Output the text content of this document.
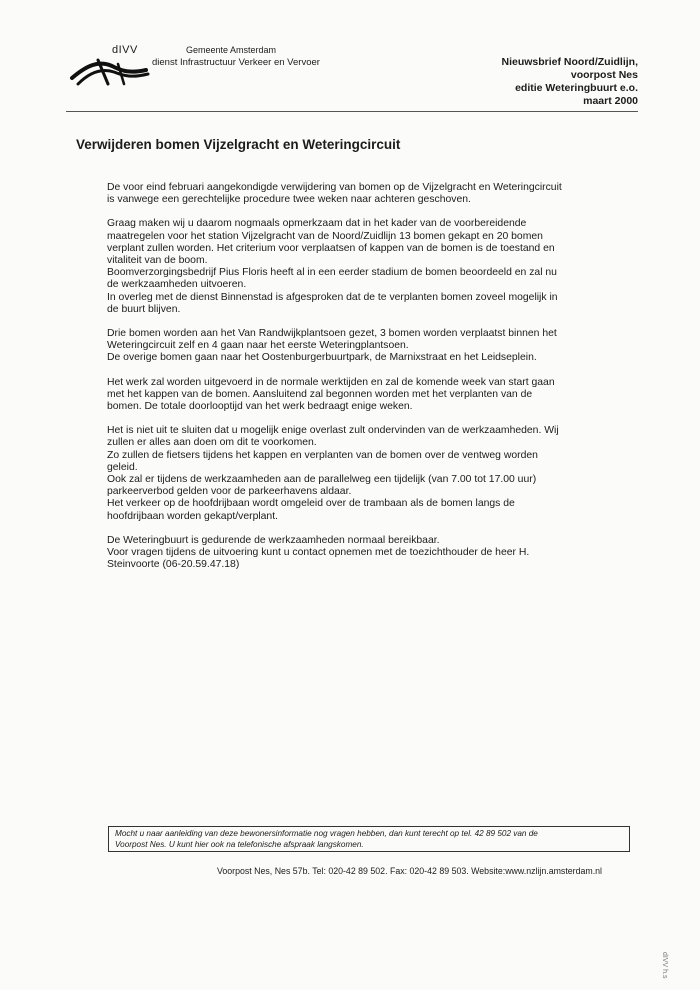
dIVV	Gemeente Amsterdam
dienst Infrastructuur Verkeer en Vervoer	Nieuwsbrief Noord/Zuidlijn,
voorpost Nes
editie Weteringbuurt e.o.
maart 2000
Verwijderen bomen Vijzelgracht en Weteringcircuit

De voor eind februari aangekondigde verwijdering van bomen op de Vijzelgracht en Weteringcircuit
is vanwege een gerechtelijke procedure twee weken naar achteren geschoven.

Graag maken wij u daarom nogmaals opmerkzaam dat in het kader van de voorbereidende
maatregelen voor het station Vijzelgracht van de Noord/Zuidlijn 13 bomen gekapt en 20 bomen
verplant zullen worden. Het criterium voor verplaatsen of kappen van de bomen is de toestand en
vitaliteit van de boom.
Boomverzorgingsbedrijf Pius Floris heeft al in een eerder stadium de bomen beoordeeld en zal nu
de werkzaamheden uitvoeren.
In overleg met de dienst Binnenstad is afgesproken dat de te verplanten bomen zoveel mogelijk in
de buurt blijven.

Drie bomen worden aan het Van Randwijkplantsoen gezet, 3 bomen worden verplaatst binnen het
Weteringcircuit zelf en 4 gaan naar het eerste Weteringplantsoen.
De overige bomen gaan naar het Oostenburgerbuurtpark, de Marnixstraat en het Leidseplein.

Het werk zal worden uitgevoerd in de normale werktijden en zal de komende week van start gaan
met het kappen van de bomen. Aansluitend zal begonnen worden met het verplanten van de
bomen. De totale doorlooptijd van het werk bedraagt enige weken.

Het is niet uit te sluiten dat u mogelijk enige overlast zult ondervinden van de werkzaamheden. Wij
zullen er alles aan doen om dit te voorkomen.
Zo zullen de fietsers tijdens het kappen en verplanten van de bomen over de ventweg worden
geleid.
Ook zal er tijdens de werkzaamheden aan de parallelweg een tijdelijk (van 7.00 tot 17.00 uur)
parkeerverbod gelden voor de parkeerhavens aldaar.
Het verkeer op de hoofdrijbaan wordt omgeleid over de trambaan als de bomen langs de
hoofdrijbaan worden gekapt/verplant.

De Weteringbuurt is gedurende de werkzaamheden normaal bereikbaar.
Voor vragen tijdens de uitvoering kunt u contact opnemen met de toezichthouder de heer H.
Steinvoorte (06-20.59.47.18)

Mocht u naar aanleiding van deze bewonersinformatie nog vragen hebben, dan kunt terecht op tel. 42 89 502 van de
Voorpost Nes. U kunt hier ook na telefonische afspraak langskomen.
Voorpost Nes, Nes 57b. Tel: 020-42 89 502. Fax: 020-42 89 503. Website:www.nzlijn.amsterdam.nl
dIVV h.s
